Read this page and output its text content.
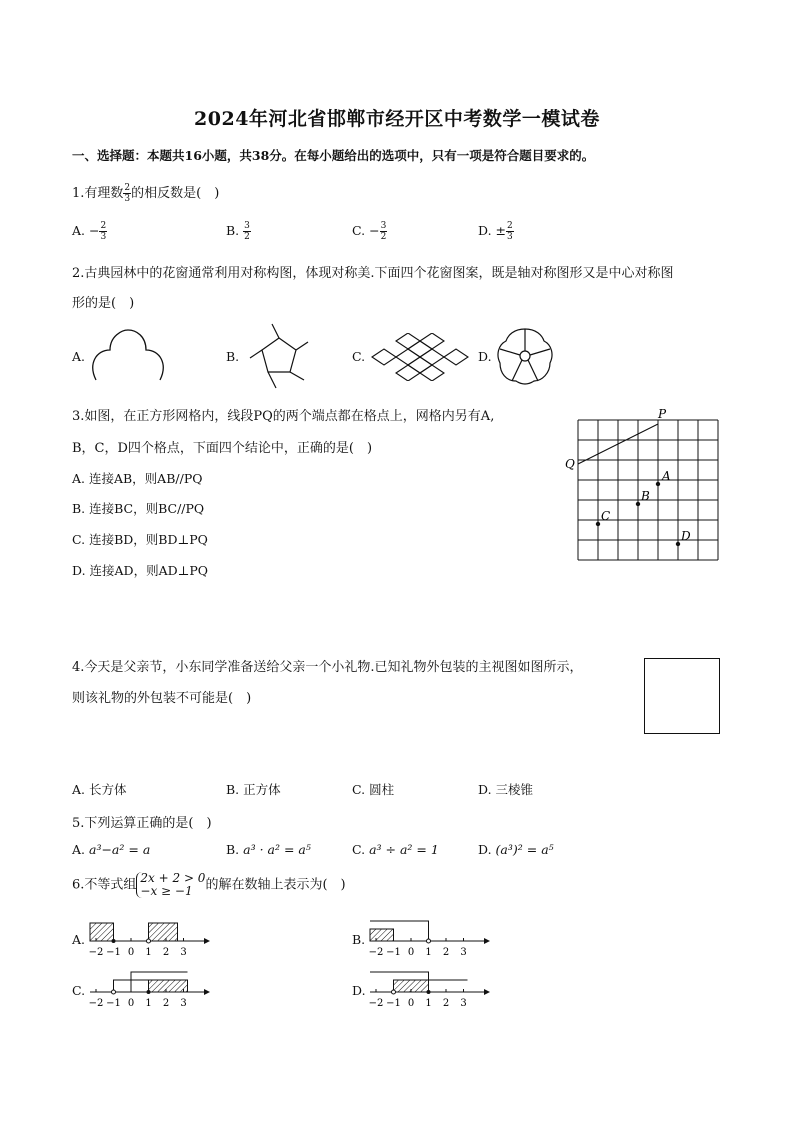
2024年河北省邯郸市经开区中考数学一模试卷
一、选择题：本题共16小题，共38分。在每小题给出的选项中，只有一项是符合题目要求的。
1.有理数 $\frac{2}{3}$ 的相反数是(　)
A. − $\frac{2}{3}$	B. $\frac{3}{2}$	C. − $\frac{3}{2}$	D. ± $\frac{2}{3}$
2.古典园林中的花窗通常利用对称构图，体现对称美.下面四个花窗图案，既是轴对称图形又是中心对称图
形的是(　)
A.	B.	C.	D.
3.如图，在正方形网格内，线段PQ的两个端点都在格点上，网格内另有A,
B，C，D四个格点，下面四个结论中，正确的是(　)
A. 连接AB，则AB//PQ
B. 连接BC，则BC//PQ
C. 连接BD，则BD⊥PQ
D. 连接AD，则AD⊥PQ
P
Q
A
B
C
D
4.今天是父亲节，小东同学准备送给父亲一个小礼物.已知礼物外包装的主视图如图所示，
则该礼物的外包装不可能是(　)
A. 长方体	B. 正方体	C. 圆柱	D. 三棱锥
5.下列运算正确的是(　)
A. a³−a² = a	B. a³ · a² = a⁵	C. a³ ÷ a² = 1	D. (a³)² = a⁵
6.不等式组 2x + 2 > 0
−x ≥ −1 的解在数轴上表示为(　)
A.	B.
C.	D.
−2 −1 0 1 2 3	−2 −1 0 1 2 3
−2 −1 0 1 2 3	−2 −1 0 1 2 3
